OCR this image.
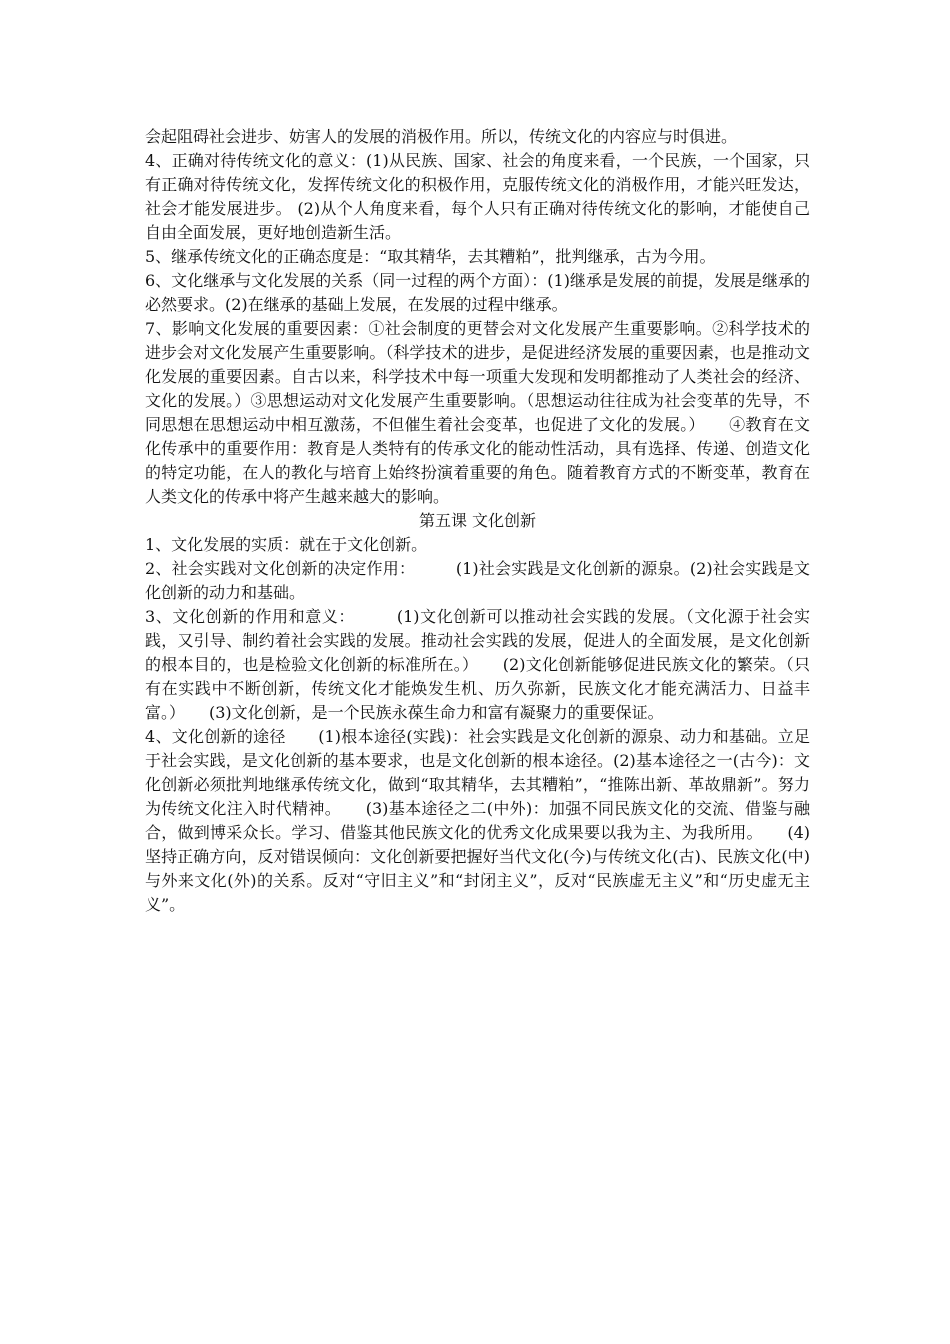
会起阻碍社会进步、妨害人的发展的消极作用。所以，传统文化的内容应与时俱进。

4、正确对待传统文化的意义：(1)从民族、国家、社会的角度来看，一个民族，一个国家，只有正确对待传统文化，发挥传统文化的积极作用，克服传统文化的消极作用，才能兴旺发达，社会才能发展进步。 (2)从个人角度来看，每个人只有正确对待传统文化的影响，才能使自己自由全面发展，更好地创造新生活。

5、继承传统文化的正确态度是：“取其精华，去其糟粕”，批判继承，古为今用。

6、文化继承与文化发展的关系（同一过程的两个方面）：(1)继承是发展的前提，发展是继承的必然要求。(2)在继承的基础上发展，在发展的过程中继承。

7、影响文化发展的重要因素：①社会制度的更替会对文化发展产生重要影响。②科学技术的进步会对文化发展产生重要影响。（科学技术的进步，是促进经济发展的重要因素，也是推动文化发展的重要因素。自古以来，科学技术中每一项重大发现和发明都推动了人类社会的经济、文化的发展。）③思想运动对文化发展产生重要影响。（思想运动往往成为社会变革的先导，不同思想在思想运动中相互激荡，不但催生着社会变革，也促进了文化的发展。）　　④教育在文化传承中的重要作用：教育是人类特有的传承文化的能动性活动，具有选择、传递、创造文化的特定功能，在人的教化与培育上始终扮演着重要的角色。随着教育方式的不断变革，教育在人类文化的传承中将产生越来越大的影响。

第五课 文化创新

1、文化发展的实质：就在于文化创新。

2、社会实践对文化创新的决定作用：　　　(1)社会实践是文化创新的源泉。(2)社会实践是文化创新的动力和基础。

3、文化创新的作用和意义：　　　(1)文化创新可以推动社会实践的发展。（文化源于社会实践，又引导、制约着社会实践的发展。推动社会实践的发展，促进人的全面发展，是文化创新的根本目的，也是检验文化创新的标准所在。）　　(2)文化创新能够促进民族文化的繁荣。（只有在实践中不断创新，传统文化才能焕发生机、历久弥新，民族文化才能充满活力、日益丰富。）　　(3)文化创新，是一个民族永葆生命力和富有凝聚力的重要保证。

4、文化创新的途径　　(1)根本途径(实践)：社会实践是文化创新的源泉、动力和基础。立足于社会实践，是文化创新的基本要求，也是文化创新的根本途径。(2)基本途径之一(古今)：文化创新必须批判地继承传统文化，做到“取其精华，去其糟粕”，“推陈出新、革故鼎新”。努力为传统文化注入时代精神。　　(3)基本途径之二(中外)：加强不同民族文化的交流、借鉴与融合，做到博采众长。学习、借鉴其他民族文化的优秀文化成果要以我为主、为我所用。　　(4)坚持正确方向，反对错误倾向：文化创新要把握好当代文化(今)与传统文化(古)、民族文化(中)与外来文化(外)的关系。反对“守旧主义”和“封闭主义”，反对“民族虚无主义”和“历史虚无主义”。
